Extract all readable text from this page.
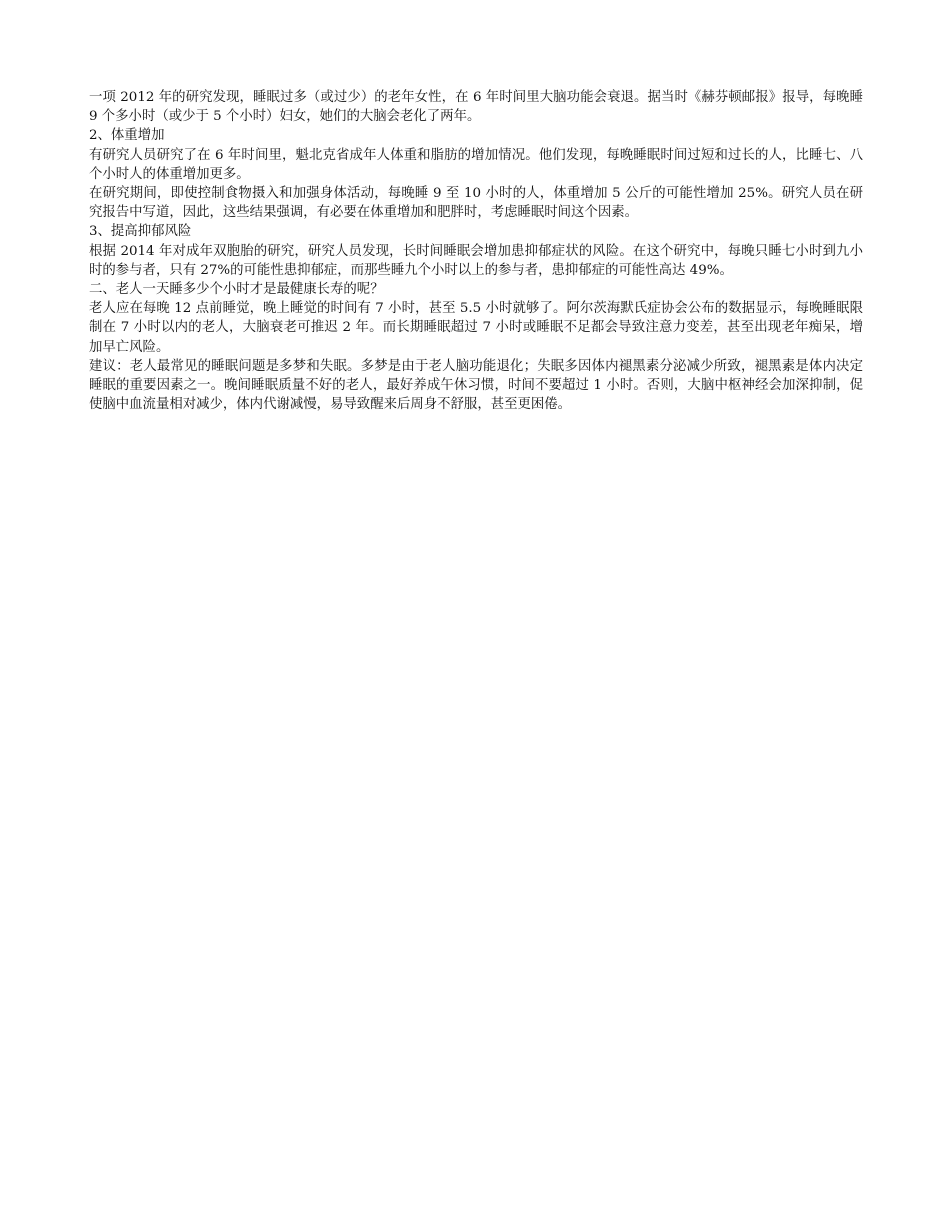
一项 2012 年的研究发现，睡眠过多（或过少）的老年女性，在 6 年时间里大脑功能会衰退。据当时《赫芬顿邮报》报导，每晚睡 9 个多小时（或少于 5 个小时）妇女，她们的大脑会老化了两年。

2、体重增加

有研究人员研究了在 6 年时间里，魁北克省成年人体重和脂肪的增加情况。他们发现，每晚睡眠时间过短和过长的人，比睡七、八个小时人的体重增加更多。

在研究期间，即使控制食物摄入和加强身体活动，每晚睡 9 至 10 小时的人，体重增加 5 公斤的可能性增加 25%。研究人员在研究报告中写道，因此，这些结果强调，有必要在体重增加和肥胖时，考虑睡眠时间这个因素。

3、提高抑郁风险

根据 2014 年对成年双胞胎的研究，研究人员发现，长时间睡眠会增加患抑郁症状的风险。在这个研究中，每晚只睡七小时到九小时的参与者，只有 27%的可能性患抑郁症，而那些睡九个小时以上的参与者，患抑郁症的可能性高达 49%。

二、老人一天睡多少个小时才是最健康长寿的呢？

老人应在每晚 12 点前睡觉，晚上睡觉的时间有 7 小时，甚至 5.5 小时就够了。阿尔茨海默氏症协会公布的数据显示，每晚睡眠限制在 7 小时以内的老人，大脑衰老可推迟 2 年。而长期睡眠超过 7 小时或睡眠不足都会导致注意力变差，甚至出现老年痴呆，增加早亡风险。

建议：老人最常见的睡眠问题是多梦和失眠。多梦是由于老人脑功能退化；失眠多因体内褪黑素分泌减少所致，褪黑素是体内决定睡眠的重要因素之一。晚间睡眠质量不好的老人，最好养成午休习惯，时间不要超过 1 小时。否则，大脑中枢神经会加深抑制，促使脑中血流量相对减少，体内代谢减慢，易导致醒来后周身不舒服，甚至更困倦。
